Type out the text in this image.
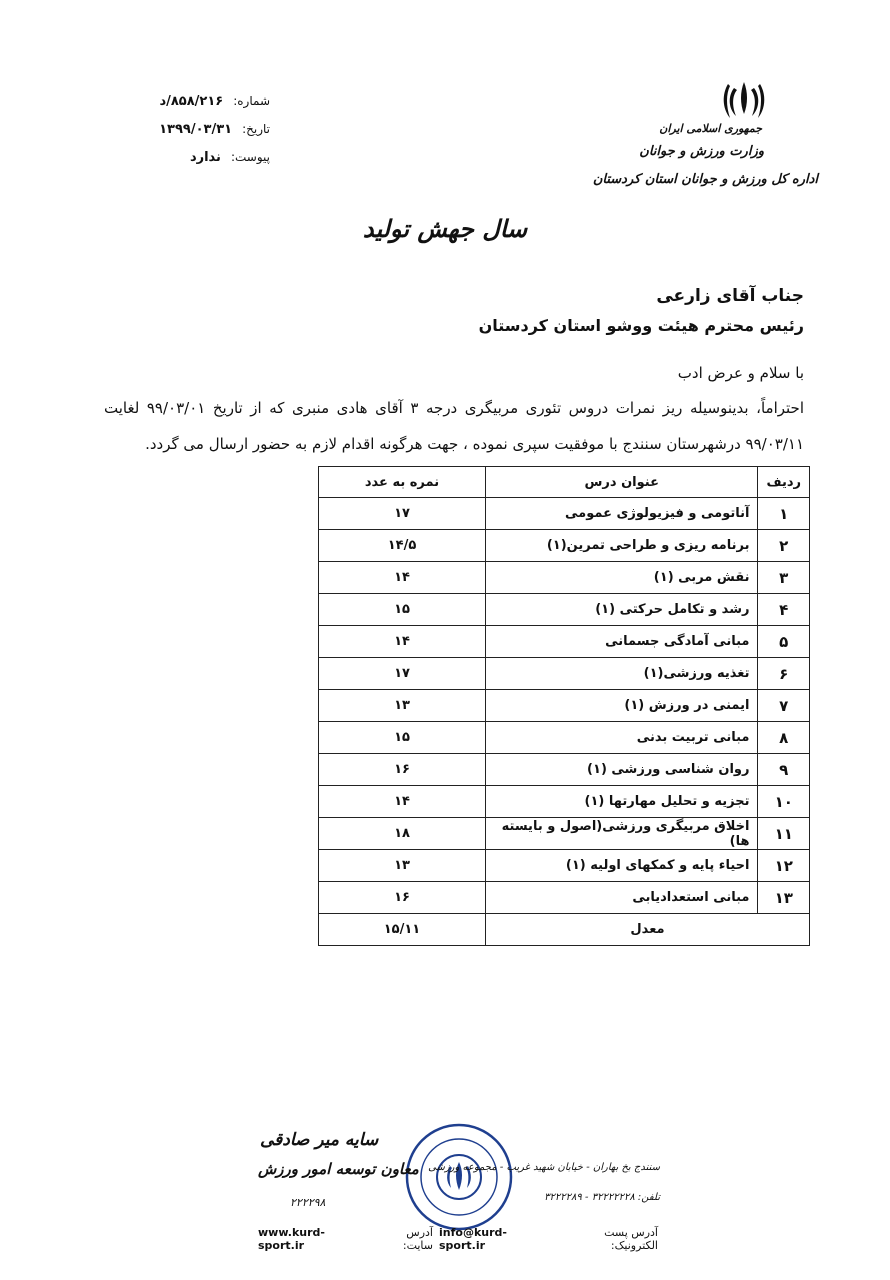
جمهوری اسلامی ایران
وزارت ورزش و جوانان
اداره کل ورزش و جوانان استان کردستان
شماره:
۸۵۸/۲۱۶/د
تاریخ:
۱۳۹۹/۰۳/۳۱
پیوست:
ندارد
سال جهش تولید
جناب آقای زارعی
رئیس محترم هیئت ووشو استان کردستان
با سلام و عرض ادب
احتراماً، بدینوسیله ریز نمرات دروس تئوری مربیگری درجه ۳ آقای هادی منبری که از تاریخ ۹۹/۰۳/۰۱ لغایت ۹۹/۰۳/۱۱ درشهرستان سنندج با موفقیت سپری نموده ، جهت هرگونه اقدام لازم به حضور ارسال می گردد.
ردیف	عنوان درس	نمره به عدد
۱	آناتومی و فیزیولوژی عمومی	۱۷
۲	برنامه ریزی و طراحی تمرین(۱)	۱۴/۵
۳	نقش مربی (۱)	۱۴
۴	رشد و تکامل حرکتی (۱)	۱۵
۵	مبانی آمادگی جسمانی	۱۴
۶	تغذیه ورزشی(۱)	۱۷
۷	ایمنی در ورزش (۱)	۱۳
۸	مبانی تربیت بدنی	۱۵
۹	روان شناسی ورزشی (۱)	۱۶
۱۰	تجزیه و تحلیل مهارتها (۱)	۱۴
۱۱	اخلاق مربیگری ورزشی(اصول و بایسته ها)	۱۸
۱۲	احیاء پایه و کمکهای اولیه (۱)	۱۳
۱۳	مبانی استعدادیابی	۱۶
معدل		۱۵/۱۱
سایه میر صادقی
معاون توسعه امور ورزش
۲۲۲۲۹۸
سنندج بخ بهاران - خیابان شهید غریب - مجموعه ورزشی
تلفن: ۳۲۲۲۲۲۲۸ - ۳۲۲۲۲۸۹
آدرس پست الکترونیک:
info@kurd-sport.ir
آدرس سایت:
www.kurd-sport.ir
